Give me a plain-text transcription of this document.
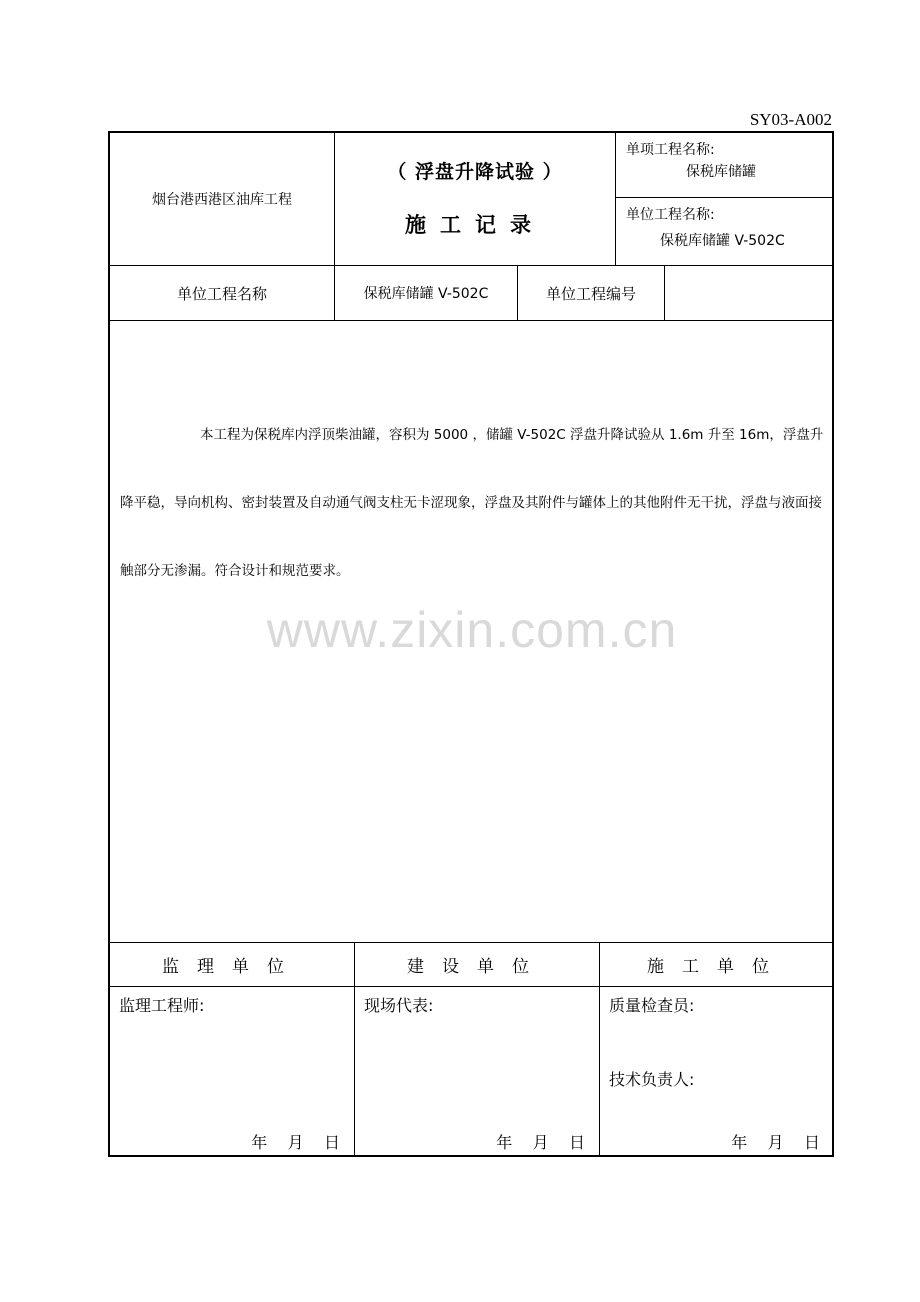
SY03-A002
烟台港西港区油库工程
（ 浮盘升降试验 ）
施工记录
单项工程名称:
保税库储罐
单位工程名称:
保税库储罐 V-502C
单位工程名称	保税库储罐 V-502C	单位工程编号
本工程为保税库内浮顶柴油罐，容积为 5000 ，储罐 V-502C 浮盘升降试验从 1.6m 升至 16m，浮盘升降平稳，导向机构、密封装置及自动通气阀支柱无卡涩现象，浮盘及其附件与罐体上的其他附件无干扰，浮盘与液面接触部分无渗漏。符合设计和规范要求。
www.zixin.com.cn
监理单位	建设单位	施工单位
监理工程师:
年    月    日
现场代表:
年    月    日
质量检查员:
技术负责人:
年    月    日
